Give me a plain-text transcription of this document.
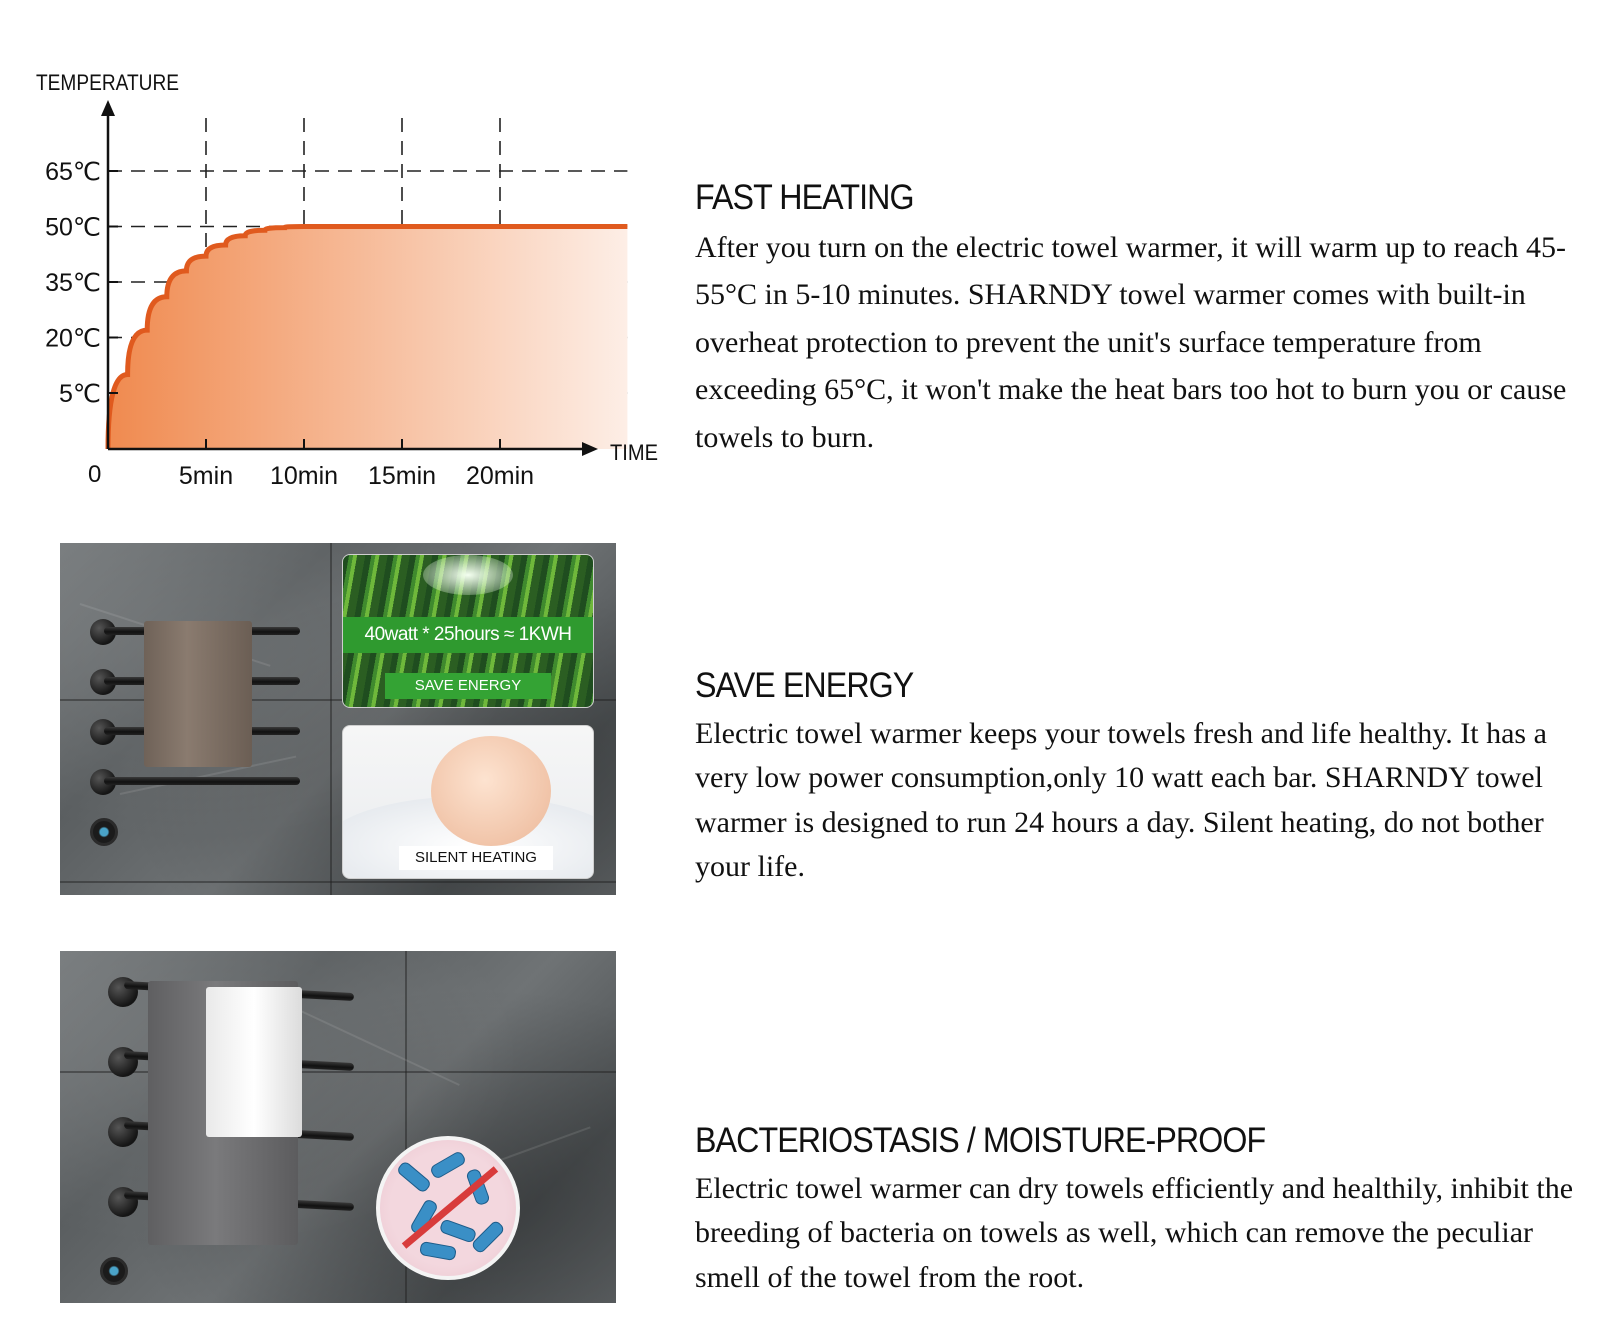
5℃
20℃
35℃
50℃
65℃
5min 10min 15min 20min
TEMPERATURE
TIME
0
FAST HEATING

After you turn on the electric towel warmer, it will warm up to reach 45-55°C in 5-10 minutes. SHARNDY towel warmer comes with built-in overheat protection to prevent the unit's surface temperature from exceeding 65°C, it won't make the heat bars too hot to burn you or cause towels to burn.

SAVE ENERGY

Electric towel warmer keeps your towels fresh and life healthy. It has a very low power consumption,only 10 watt each bar. SHARNDY towel warmer is designed to run 24 hours a day. Silent heating, do not bother your life.

BACTERIOSTASIS / MOISTURE-PROOF

Electric towel warmer can dry towels efficiently and healthily, inhibit the breeding of bacteria on towels as well, which can remove the peculiar smell of the towel from the root.

40watt * 25hours ≈ 1KWH
SAVE ENERGY
SILENT HEATING
